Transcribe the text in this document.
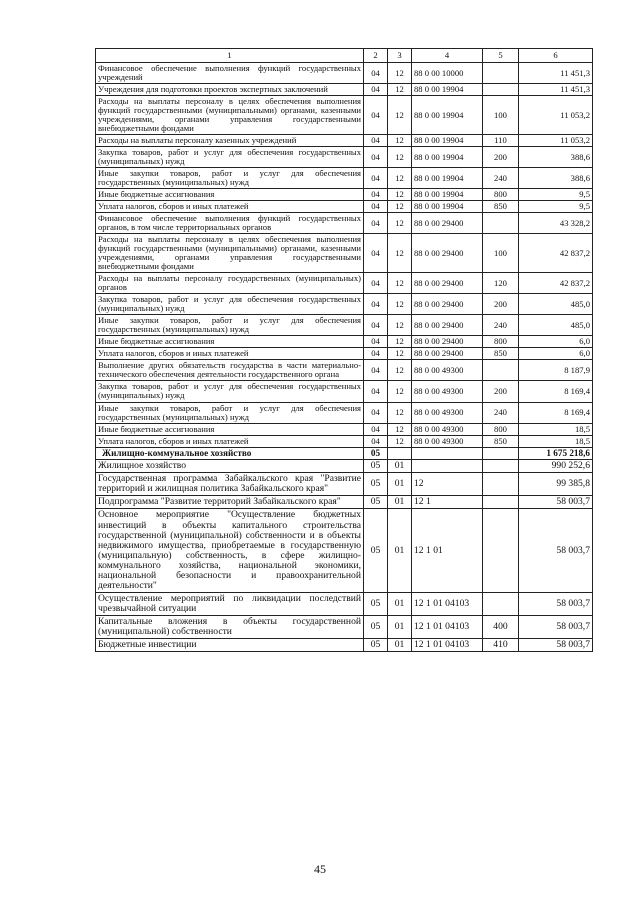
1	2	3	4	5	6
Финансовое обеспечение выполнения функций государственных учреждений	04	12	88 0 00 10000		11 451,3
Учреждения для подготовки проектов экспертных заключений	04	12	88 0 00 19904		11 451,3
Расходы на выплаты персоналу в целях обеспечения выполнения функций государственными (муниципальными) органами, казенными учреждениями, органами управления государственными внебюджетными фондами	04	12	88 0 00 19904	100	11 053,2
Расходы на выплаты персоналу казенных учреждений	04	12	88 0 00 19904	110	11 053,2
Закупка товаров, работ и услуг для обеспечения государственных (муниципальных) нужд	04	12	88 0 00 19904	200	388,6
Иные закупки товаров, работ и услуг для обеспечения государственных (муниципальных) нужд	04	12	88 0 00 19904	240	388,6
Иные бюджетные ассигнования	04	12	88 0 00 19904	800	9,5
Уплата налогов, сборов и иных платежей	04	12	88 0 00 19904	850	9,5
Финансовое обеспечение выполнения функций государственных органов, в том числе территориальных органов	04	12	88 0 00 29400		43 328,2
Расходы на выплаты персоналу в целях обеспечения выполнения функций государственными (муниципальными) органами, казенными учреждениями, органами управления государственными внебюджетными фондами	04	12	88 0 00 29400	100	42 837,2
Расходы на выплаты персоналу государственных (муниципальных) органов	04	12	88 0 00 29400	120	42 837,2
Закупка товаров, работ и услуг для обеспечения государственных (муниципальных) нужд	04	12	88 0 00 29400	200	485,0
Иные закупки товаров, работ и услуг для обеспечения государственных (муниципальных) нужд	04	12	88 0 00 29400	240	485,0
Иные бюджетные ассигнования	04	12	88 0 00 29400	800	6,0
Уплата налогов, сборов и иных платежей	04	12	88 0 00 29400	850	6,0
Выполнение других обязательств государства в части материально-технического обеспечения деятельности государственного органа	04	12	88 0 00 49300		8 187,9
Закупка товаров, работ и услуг для обеспечения государственных (муниципальных) нужд	04	12	88 0 00 49300	200	8 169,4
Иные закупки товаров, работ и услуг для обеспечения государственных (муниципальных) нужд	04	12	88 0 00 49300	240	8 169,4
Иные бюджетные ассигнования	04	12	88 0 00 49300	800	18,5
Уплата налогов, сборов и иных платежей	04	12	88 0 00 49300	850	18,5
Жилищно-коммунальное хозяйство	05				1 675 218,6
Жилищное хозяйство	05	01			990 252,6
Государственная программа Забайкальского края "Развитие территорий и жилищная политика Забайкальского края"	05	01	12		99 385,8
Подпрограмма "Развитие территорий Забайкальского края"	05	01	12 1		58 003,7
Основное мероприятие "Осуществление бюджетных инвестиций в объекты капитального строительства государственной (муниципальной) собственности и в объекты недвижимого имущества, приобретаемые в государственную (муниципальную) собственность, в сфере жилищно-коммунального хозяйства, национальной экономики, национальной безопасности и правоохранительной деятельности"	05	01	12 1 01		58 003,7
Осуществление мероприятий по ликвидации последствий чрезвычайной ситуации	05	01	12 1 01 04103		58 003,7
Капитальные вложения в объекты государственной (муниципальной) собственности	05	01	12 1 01 04103	400	58 003,7
Бюджетные инвестиции	05	01	12 1 01 04103	410	58 003,7
45
